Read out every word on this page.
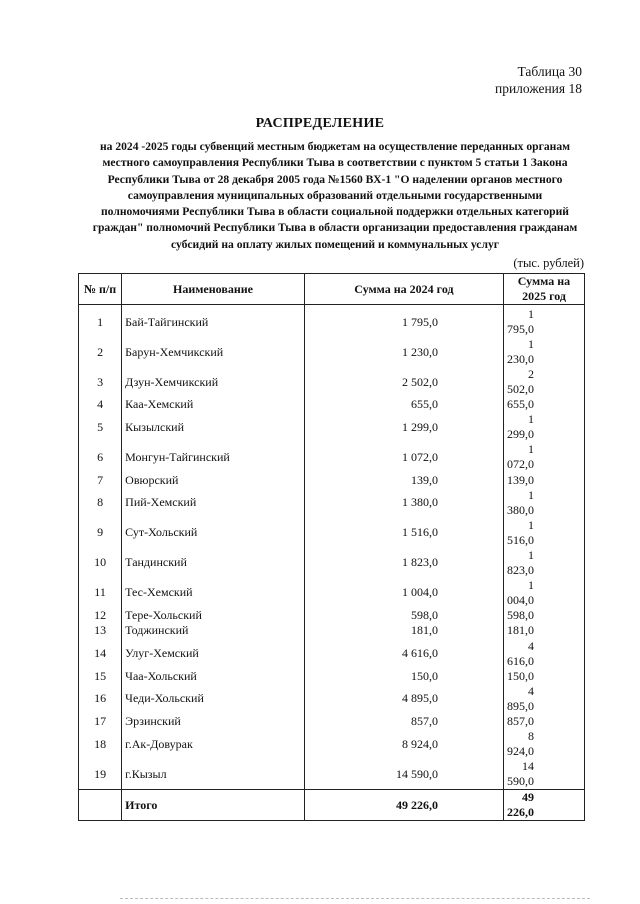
Таблица 30
приложения 18
РАСПРЕДЕЛЕНИЕ
на 2024 -2025 годы субвенций местным бюджетам на осуществление переданных органам
местного самоуправления Республики Тыва в соответствии с пунктом 5 статьи 1 Закона
Республики Тыва от 28 декабря 2005 года №1560 ВХ-1 "О наделении органов местного
самоуправления муниципальных образований отдельными государственными
полномочиями Республики Тыва в области социальной поддержки отдельных категорий
граждан" полномочий Республики Тыва в области организации предоставления гражданам
субсидий на оплату жилых помещений и коммунальных услуг
(тыс. рублей)
№ п/п	Наименование	Сумма на 2024 год	Сумма на 2025 год
1	Бай-Тайгинский	1 795,0	1 795,0
2	Барун-Хемчикский	1 230,0	1 230,0
3	Дзун-Хемчикский	2 502,0	2 502,0
4	Каа-Хемский	655,0	655,0
5	Кызылский	1 299,0	1 299,0
6	Монгун-Тайгинский	1 072,0	1 072,0
7	Овюрский	139,0	139,0
8	Пий-Хемский	1 380,0	1 380,0
9	Сут-Хольский	1 516,0	1 516,0
10	Тандинский	1 823,0	1 823,0
11	Тес-Хемский	1 004,0	1 004,0
12	Тере-Хольский	598,0	598,0
13	Тоджинский	181,0	181,0
14	Улуг-Хемский	4 616,0	4 616,0
15	Чаа-Хольский	150,0	150,0
16	Чеди-Хольский	4 895,0	4 895,0
17	Эрзинский	857,0	857,0
18	г.Ак-Довурак	8 924,0	8 924,0
19	г.Кызыл	14 590,0	14 590,0
	Итого	49 226,0	49 226,0
